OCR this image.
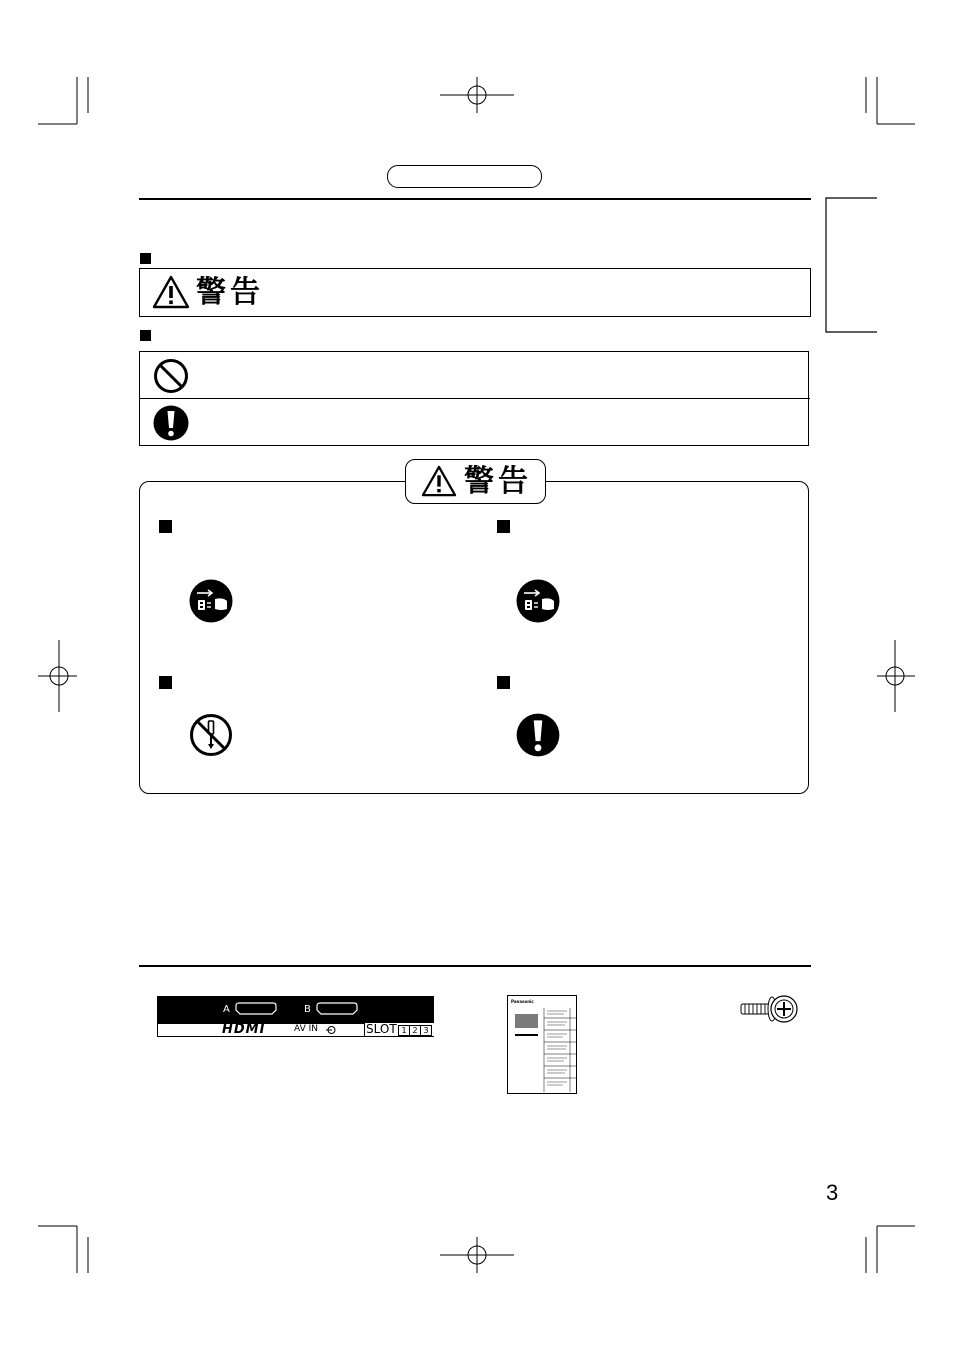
警告
警告
A	B
HDMI	AV IN	SLOT 1 2 3
Panasonic
3
